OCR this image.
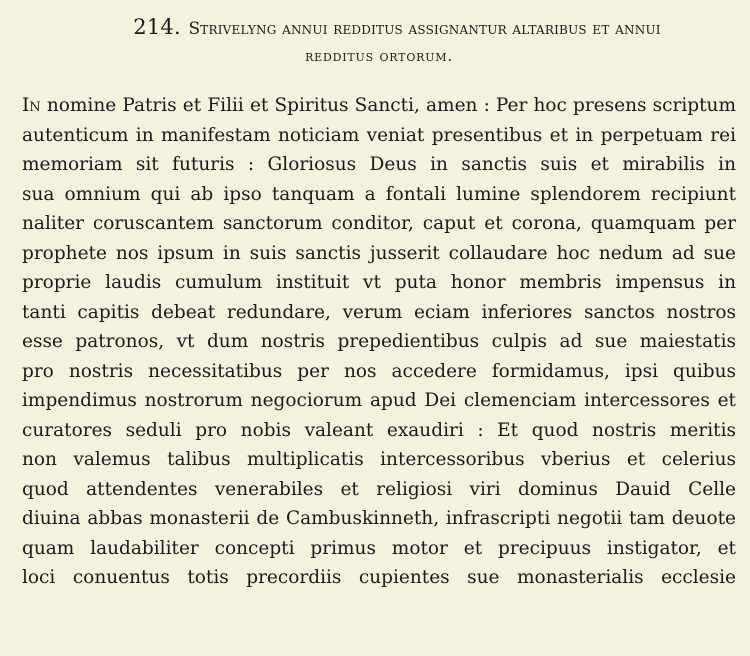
214. Strivelyng annui redditus assignantur altaribus et annui
redditus ortorum.
In nomine Patris et Filii et Spiritus Sancti, amen : Per hoc presens scriptum
autenticum in manifestam noticiam veniat presentibus et in perpetuam rei
memoriam sit futuris : Gloriosus Deus in sanctis suis et mirabilis in
sua omnium qui ab ipso tanquam a fontali lumine splendorem recipiunt
naliter coruscantem sanctorum conditor, caput et corona, quamquam per
prophete nos ipsum in suis sanctis jusserit collaudare hoc nedum ad sue
proprie laudis cumulum instituit vt puta honor membris impensus in
tanti capitis debeat redundare, verum eciam inferiores sanctos nostros
esse patronos, vt dum nostris prepedientibus culpis ad sue maiestatis
pro nostris necessitatibus per nos accedere formidamus, ipsi quibus
impendimus nostrorum negociorum apud Dei clemenciam intercessores et
curatores seduli pro nobis valeant exaudiri : Et quod nostris meritis
non valemus talibus multiplicatis intercessoribus vberius et celerius
quod attendentes venerabiles et religiosi viri dominus Dauid Celle
diuina abbas monasterii de Cambuskinneth, infrascripti negotii tam deuote
quam laudabiliter concepti primus motor et precipuus instigator, et
loci conuentus totis precordiis cupientes sue monasterialis ecclesie
